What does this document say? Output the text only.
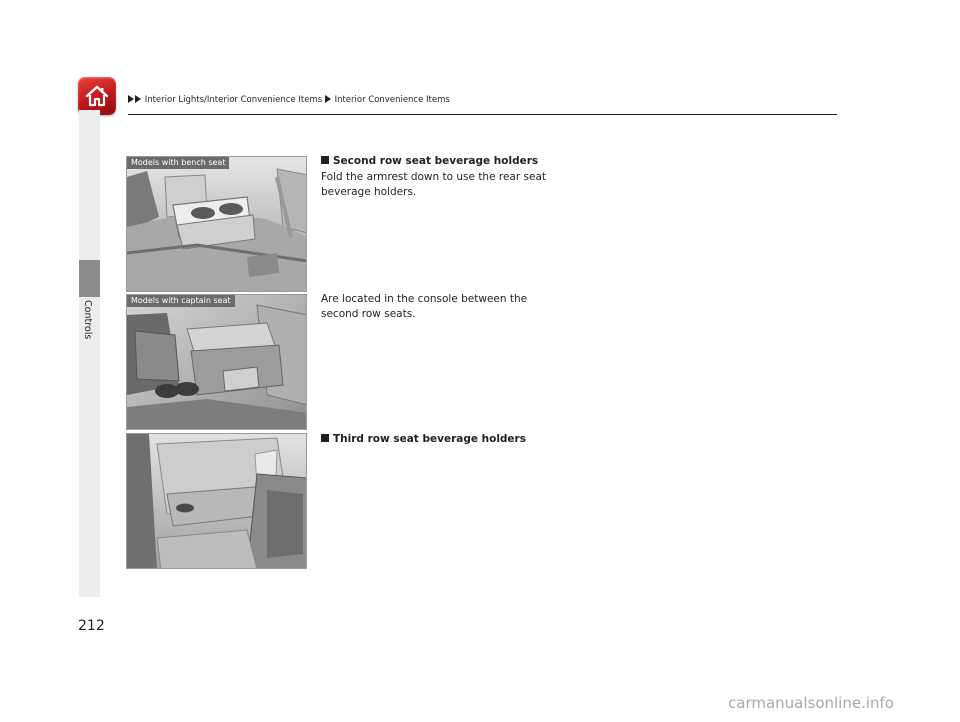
Interior Lights/Interior Convenience Items Interior Convenience Items
Controls
Models with bench seat
Models with captain seat
Second row seat beverage holders
Fold the armrest down to use the rear seat beverage holders.
Are located in the console between the second row seats.
Third row seat beverage holders
212
carmanualsonline.info
